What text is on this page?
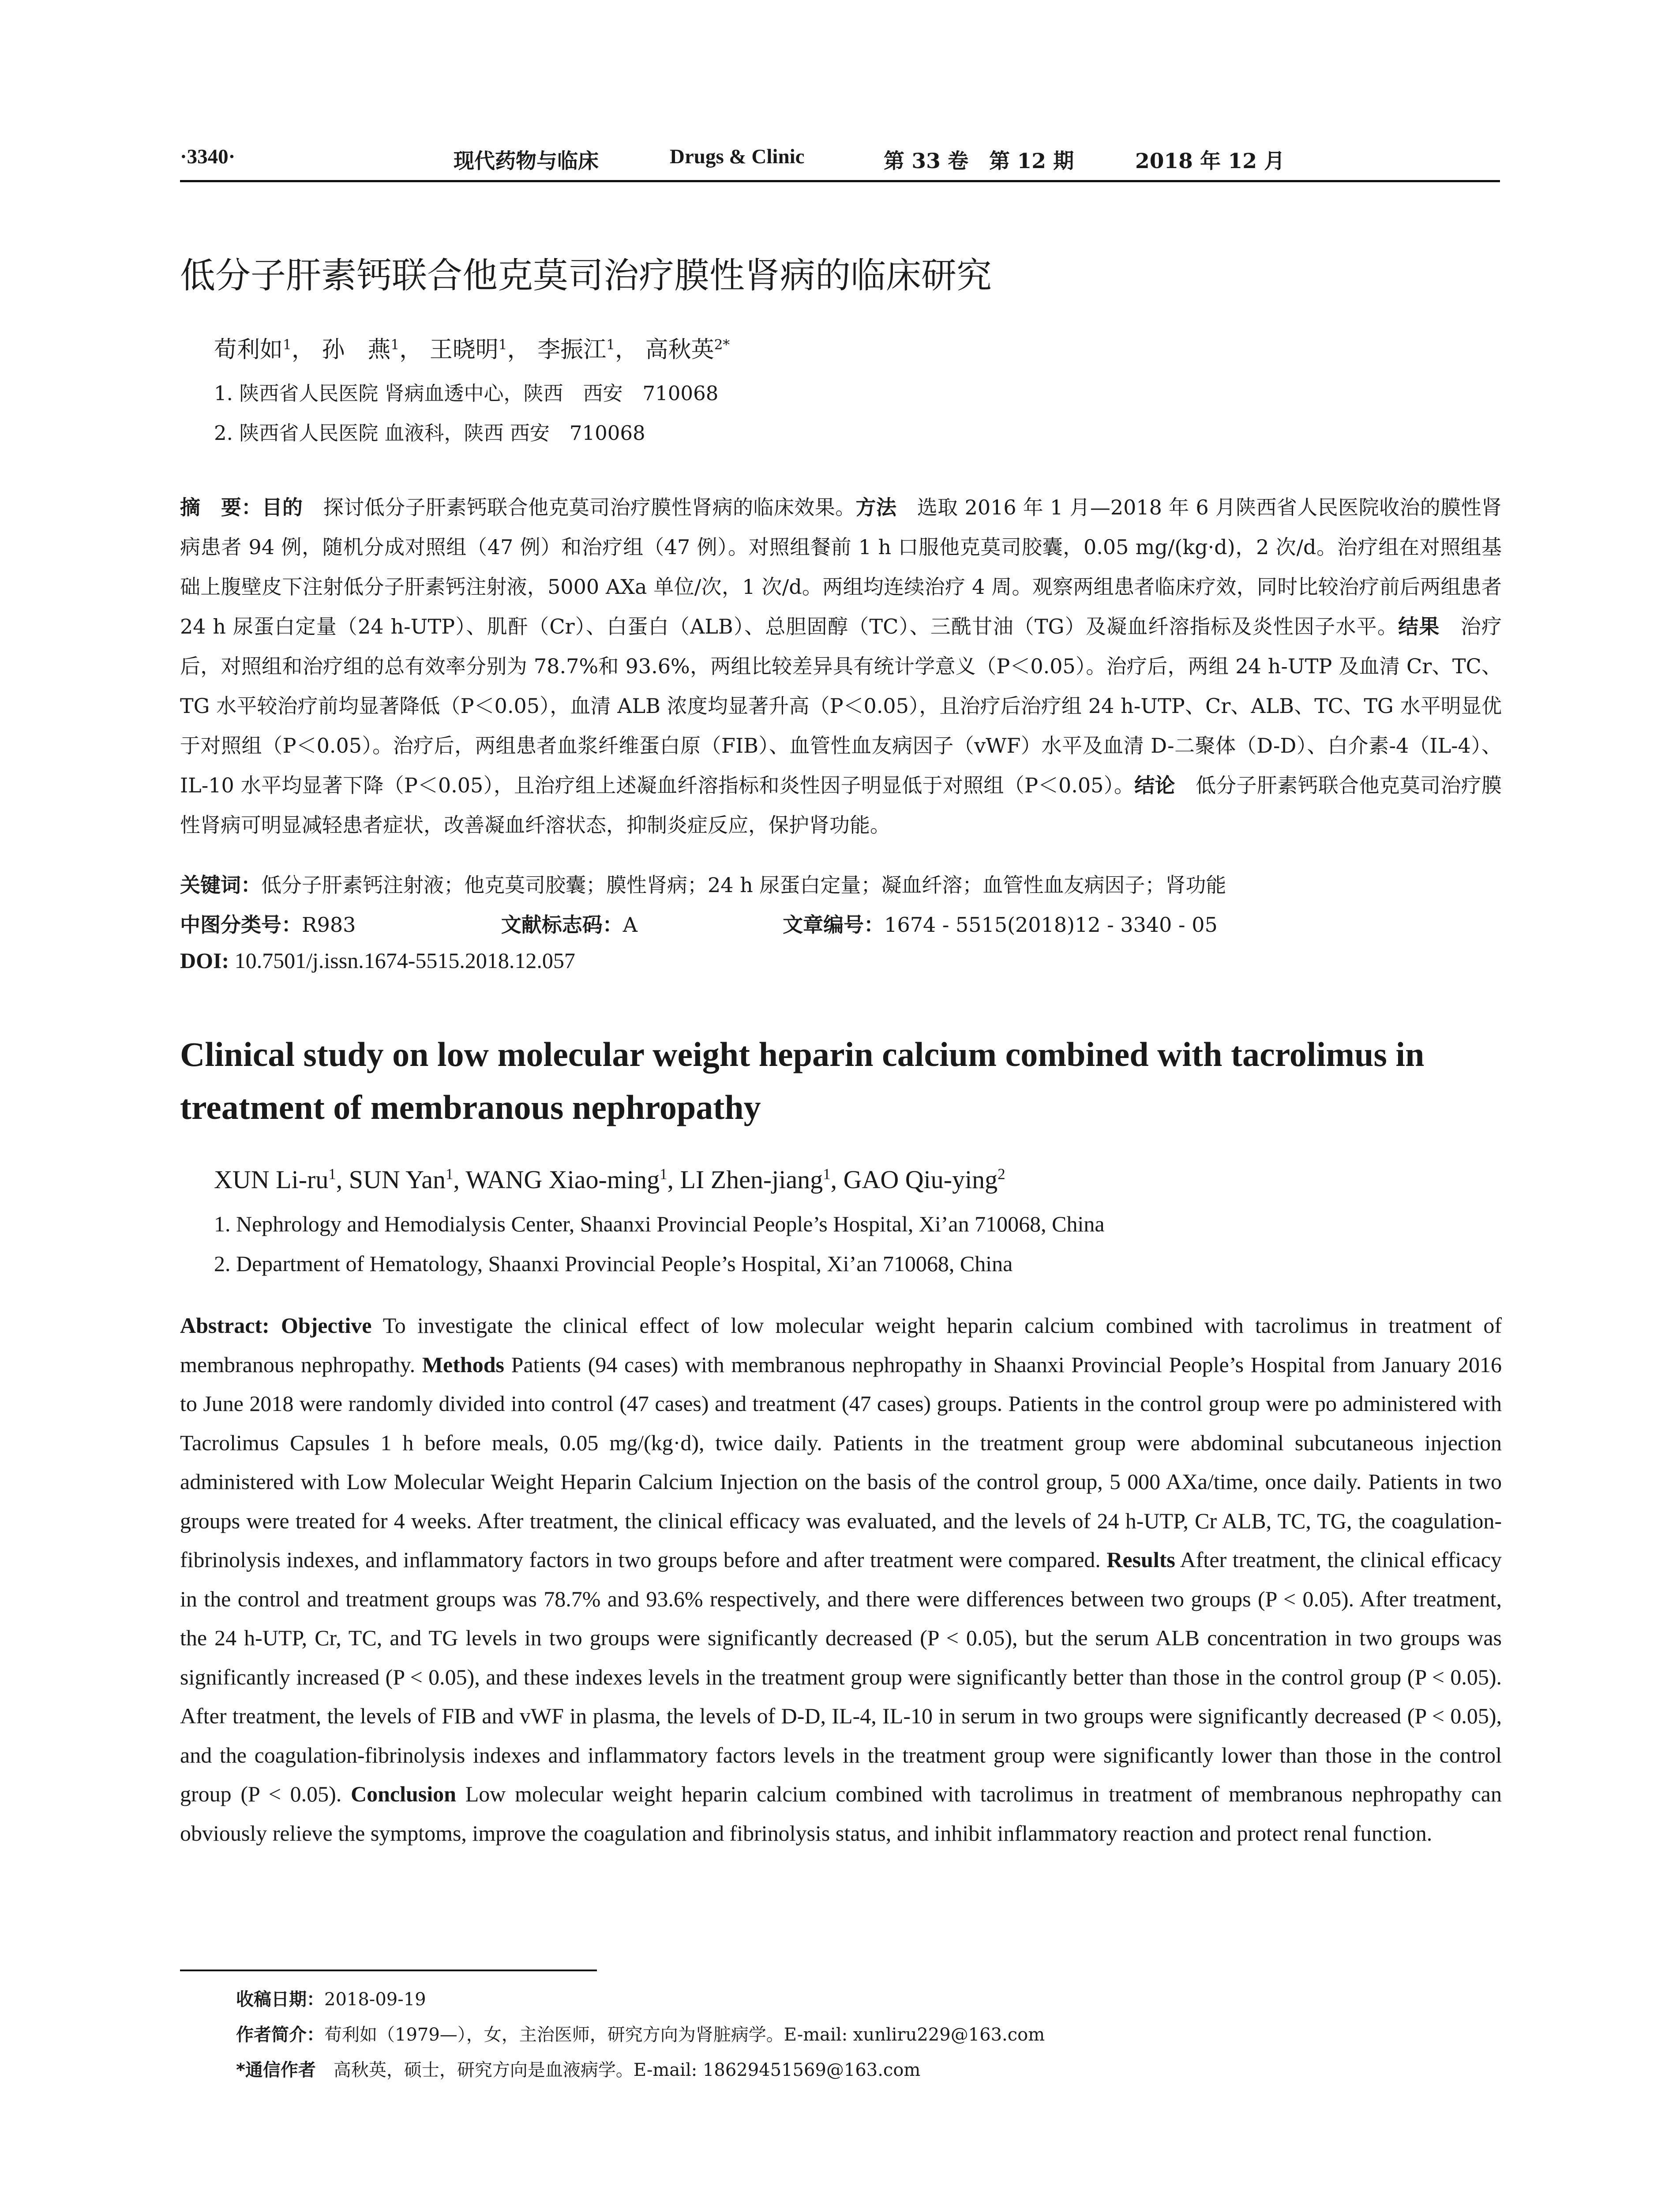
·3340·	现代药物与临床	Drugs & Clinic	第 33 卷　第 12 期	2018 年 12 月
低分子肝素钙联合他克莫司治疗膜性肾病的临床研究
荀利如$^1$， 孙　燕$^1$， 王晓明$^1$， 李振江$^1$， 高秋英$^{2*}$
1. 陕西省人民医院 肾病血透中心，陕西　西安　710068
2. 陕西省人民医院 血液科，陕西 西安　710068

摘　要：目的　探讨低分子肝素钙联合他克莫司治疗膜性肾病的临床效果。方法　选取 2016 年 1 月—2018 年 6 月陕西省人民医院收治的膜性肾病患者 94 例，随机分成对照组（47 例）和治疗组（47 例）。对照组餐前 1 h 口服他克莫司胶囊，0.05 mg/(kg·d)，2 次/d。治疗组在对照组基础上腹壁皮下注射低分子肝素钙注射液，5000 AXa 单位/次，1 次/d。两组均连续治疗 4 周。观察两组患者临床疗效，同时比较治疗前后两组患者 24 h 尿蛋白定量（24 h-UTP）、肌酐（Cr）、白蛋白（ALB）、总胆固醇（TC）、三酰甘油（TG）及凝血纤溶指标及炎性因子水平。结果　治疗后，对照组和治疗组的总有效率分别为 78.7%和 93.6%，两组比较差异具有统计学意义（P＜0.05）。治疗后，两组 24 h-UTP 及血清 Cr、TC、TG 水平较治疗前均显著降低（P＜0.05），血清 ALB 浓度均显著升高（P＜0.05），且治疗后治疗组 24 h-UTP、Cr、ALB、TC、TG 水平明显优于对照组（P＜0.05）。治疗后，两组患者血浆纤维蛋白原（FIB）、血管性血友病因子（vWF）水平及血清 D-二聚体（D-D）、白介素-4（IL-4）、IL-10 水平均显著下降（P＜0.05），且治疗组上述凝血纤溶指标和炎性因子明显低于对照组（P＜0.05）。结论　低分子肝素钙联合他克莫司治疗膜性肾病可明显减轻患者症状，改善凝血纤溶状态，抑制炎症反应，保护肾功能。

关键词：低分子肝素钙注射液；他克莫司胶囊；膜性肾病；24 h 尿蛋白定量；凝血纤溶；血管性血友病因子；肾功能
中图分类号：R983	文献标志码：A	文章编号：1674 - 5515(2018)12 - 3340 - 05
DOI: 10.7501/j.issn.1674-5515.2018.12.057
Clinical study on low molecular weight heparin calcium combined with tacrolimus in treatment of membranous nephropathy
XUN $Li-ru^1$, SUN Yan$^1$, WANG Xiao-ming$^1$, LI Zhen-jiang$^1$, GAO Qiu-ying$^2$
1. Nephrology and Hemodialysis Center, Shaanxi Provincial People’s Hospital, Xi’an 710068, China
2. Department of Hematology, Shaanxi Provincial People’s Hospital, Xi’an 710068, China

Abstract: Objective To investigate the clinical effect of low molecular weight heparin calcium combined with tacrolimus in treatment of membranous nephropathy. Methods Patients (94 cases) with membranous nephropathy in Shaanxi Provincial People’s Hospital from January 2016 to June 2018 were randomly divided into control (47 cases) and treatment (47 cases) groups. Patients in the control group were po administered with Tacrolimus Capsules 1 h before meals, 0.05 mg/(kg·d), twice daily. Patients in the treatment group were abdominal subcutaneous injection administered with Low Molecular Weight Heparin Calcium Injection on the basis of the control group, 5 000 AXa/time, once daily. Patients in two groups were treated for 4 weeks. After treatment, the clinical efficacy was evaluated, and the levels of 24 h-UTP, Cr ALB, TC, TG, the coagulation-fibrinolysis indexes, and inflammatory factors in two groups before and after treatment were compared. Results After treatment, the clinical efficacy in the control and treatment groups was 78.7% and 93.6% respectively, and there were differences between two groups (P < 0.05). After treatment, the 24 h-UTP, Cr, TC, and TG levels in two groups were significantly decreased (P < 0.05), but the serum ALB concentration in two groups was significantly increased (P < 0.05), and these indexes levels in the treatment group were significantly better than those in the control group (P < 0.05). After treatment, the levels of FIB and vWF in plasma, the levels of D-D, IL-4, IL-10 in serum in two groups were significantly decreased (P < 0.05), and the coagulation-fibrinolysis indexes and inflammatory factors levels in the treatment group were significantly lower than those in the control group (P < 0.05). Conclusion Low molecular weight heparin calcium combined with tacrolimus in treatment of membranous nephropathy can obviously relieve the symptoms, improve the coagulation and fibrinolysis status, and inhibit inflammatory reaction and protect renal function.

收稿日期：2018-09-19
作者简介：荀利如（1979—），女，主治医师，研究方向为肾脏病学。E-mail: xunliru229@163.com
*通信作者　高秋英，硕士，研究方向是血液病学。E-mail: 18629451569@163.com
